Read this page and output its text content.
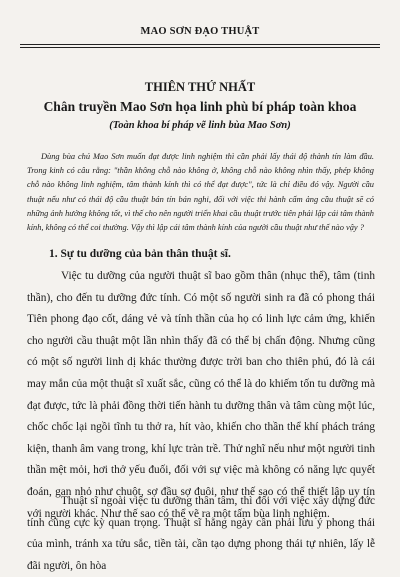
MAO SƠN ĐẠO THUẬT
THIÊN THỨ NHẤT
Chân truyền Mao Sơn họa linh phù bí pháp toàn khoa
(Toàn khoa bí pháp vẽ linh bùa Mao Sơn)

Dùng bùa chú Mao Sơn muốn đạt được linh nghiệm thì cần phải lấy thái độ thành tín làm đầu. Trong kinh có câu rằng: "thần không chỗ nào không ở, không chỗ nào không nhìn thấy, phép không chỗ nào không linh nghiệm, tâm thành kính thì có thể đạt được", tức là chỉ điều đó vậy. Người cầu thuật nếu như có thái độ cầu thuật bán tín bán nghi, đối với việc thi hành cấm ảng cầu thuật sẽ có những ảnh hưởng không tốt, vì thế cho nên người triển khai cầu thuật trước tiên phải lập cái tâm thành kính, không có thể coi thường. Vậy thì lập cái tâm thành kính của người cầu thuật như thế nào vậy ?

1. Sự tu dưỡng của bản thân thuật sĩ.

Việc tu dưỡng của người thuật sĩ bao gồm thân (nhục thể), tâm (tinh thần), cho đến tu dưỡng đức tính. Có một số người sinh ra đã có phong thái Tiên phong đạo cốt, dáng vẻ và tính thần của họ có linh lực cảm ứng, khiến cho người cầu thuật một lần nhìn thấy đã có thể bị chấn động. Nhưng cũng có một số người linh dị khác thường được trời ban cho thiên phú, đó là cái may mắn của một thuật sĩ xuất sắc, cũng có thể là do khiếm tốn tu dưỡng mà đạt được, tức là phải đồng thời tiến hành tu dưỡng thân và tâm cùng một lúc, chốc chốc lại ngồi tĩnh tu thở ra, hít vào, khiến cho thần thể khí phách tráng kiện, thanh âm vang trong, khí lực tràn trề. Thử nghĩ nếu như một người tinh thần mệt mỏi, hơi thở yếu đuối, đối với sự việc mà không có năng lực quyết đoán, gan nhỏ như chuột, sợ đầu sợ đuôi, như thế sao có thể thiết lập uy tín với người khác. Như thế sao có thể vẽ ra một tấm bùa linh nghiệm.

Thuật sĩ ngoài việc tu dưỡng thân tâm, thì đối với việc xây dựng đức tính cũng cực kỳ quan trọng. Thuật sĩ hằng ngày cần phải lưu ý phong thái của mình, tránh xa tửu sắc, tiền tài, cần tạo dựng phong thái tự nhiên, lấy lễ đãi người, ôn hòa
